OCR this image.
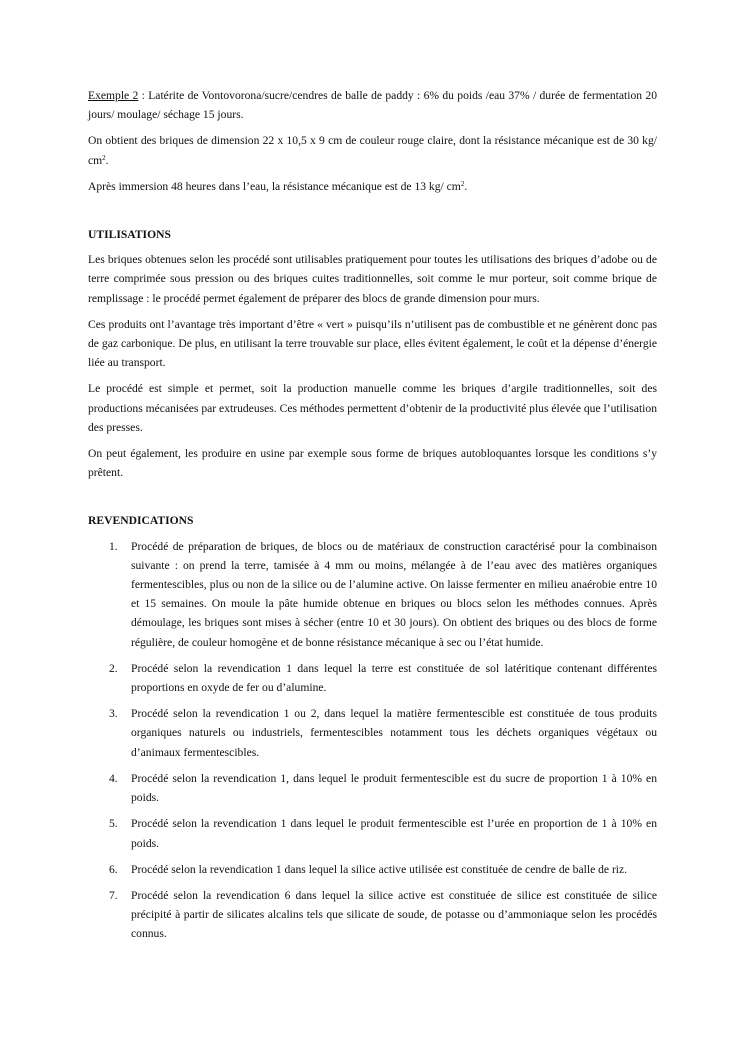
Exemple 2 : Latérite de Vontovorona/sucre/cendres de balle de paddy : 6% du poids /eau 37% / durée de fermentation 20 jours/ moulage/ séchage 15 jours.

On obtient des briques de dimension 22 x 10,5 x 9 cm de couleur rouge claire, dont la résistance mécanique est de 30 kg/ $cm^2$.

Après immersion 48 heures dans l’eau, la résistance mécanique est de 13 kg/ $cm^2$.

UTILISATIONS

Les briques obtenues selon les procédé sont utilisables pratiquement pour toutes les utilisations des briques d’adobe ou de terre comprimée sous pression ou des briques cuites traditionnelles, soit comme le mur porteur, soit comme brique de remplissage : le procédé permet également de préparer des blocs de grande dimension pour murs.

Ces produits ont l’avantage très important d’être « vert » puisqu’ils n’utilisent pas de combustible et ne génèrent donc pas de gaz carbonique. De plus, en utilisant la terre trouvable sur place, elles évitent également, le coût et la dépense d’énergie liée au transport.

Le procédé est simple et permet, soit la production manuelle comme les briques d’argile traditionnelles, soit des productions mécanisées par extrudeuses. Ces méthodes permettent d’obtenir de la productivité plus élevée que l’utilisation des presses.

On peut également, les produire en usine par exemple sous forme de briques autobloquantes lorsque les conditions s’y prêtent.

REVENDICATIONS
1. Procédé de préparation de briques, de blocs ou de matériaux de construction caractérisé pour la combinaison suivante : on prend la terre, tamisée à 4 mm ou moins, mélangée à de l’eau avec des matières organiques fermentescibles, plus ou non de la silice ou de l’alumine active. On laisse fermenter en milieu anaérobie entre 10 et 15 semaines. On moule la pâte humide obtenue en briques ou blocs selon les méthodes connues. Après démoulage, les briques sont mises à sécher (entre 10 et 30 jours). On obtient des briques ou des blocs de forme régulière, de couleur homogène et de bonne résistance mécanique à sec ou l’état humide.
2. Procédé selon la revendication 1 dans lequel la terre est constituée de sol latéritique contenant différentes proportions en oxyde de fer ou d’alumine.
3. Procédé selon la revendication 1 ou 2, dans lequel la matière fermentescible est constituée de tous produits organiques naturels ou industriels, fermentescibles notamment tous les déchets organiques végétaux ou d’animaux fermentescibles.
4. Procédé selon la revendication 1, dans lequel le produit fermentescible est du sucre de proportion 1 à 10% en poids.
5. Procédé selon la revendication 1 dans lequel le produit fermentescible est l’urée en proportion de 1 à 10% en poids.
6. Procédé selon la revendication 1 dans lequel la silice active utilisée est constituée de cendre de balle de riz.
7. Procédé selon la revendication 6 dans lequel la silice active est constituée de silice est constituée de silice précipité à partir de silicates alcalins tels que silicate de soude, de potasse ou d’ammoniaque selon les procédés connus.
